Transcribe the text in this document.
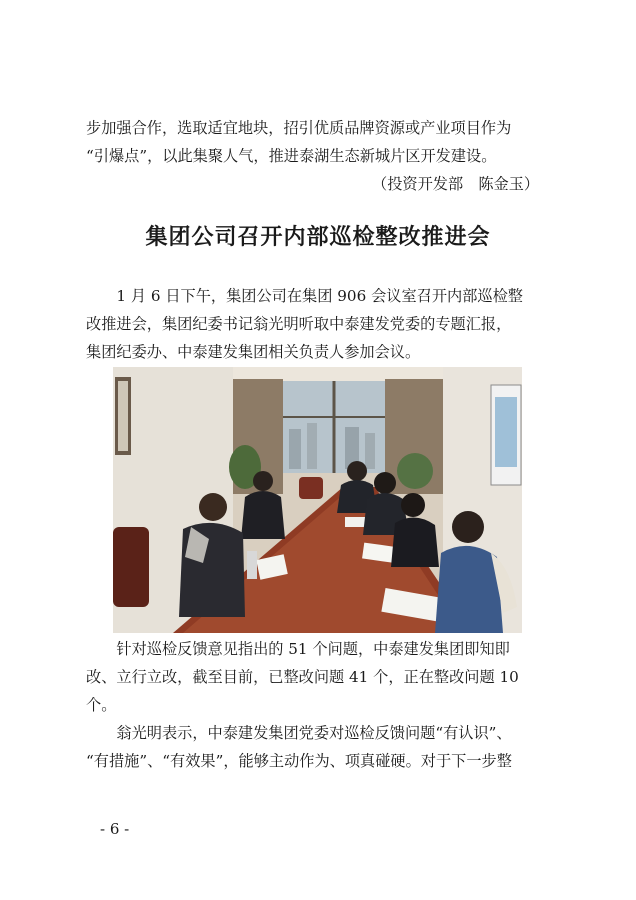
步加强合作，选取适宜地块，招引优质品牌资源或产业项目作为
“引爆点”，以此集聚人气，推进泰湖生态新城片区开发建设。
（投资开发部　陈金玉）
集团公司召开内部巡检整改推进会
　　1 月 6 日下午，集团公司在集团 906 会议室召开内部巡检整
改推进会，集团纪委书记翁光明听取中泰建发党委的专题汇报，
集团纪委办、中泰建发集团相关负责人参加会议。
　　针对巡检反馈意见指出的 51 个问题，中泰建发集团即知即
改、立行立改，截至目前，已整改问题 41 个，正在整改问题 10
个。
　　翁光明表示，中泰建发集团党委对巡检反馈问题“有认识”、
“有措施”、“有效果”，能够主动作为、项真碰硬。对于下一步整
- 6 -
